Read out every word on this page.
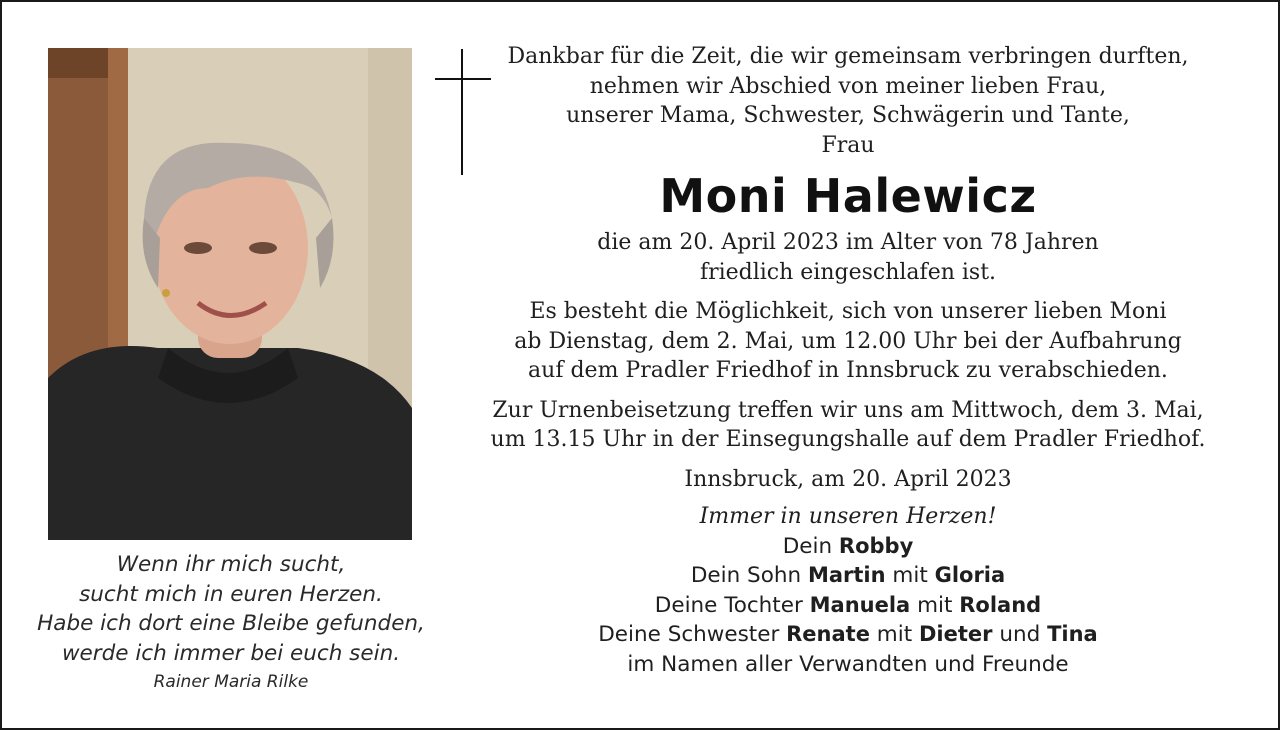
Wenn ihr mich sucht,
sucht mich in euren Herzen.
Habe ich dort eine Bleibe gefunden,
werde ich immer bei euch sein.
Rainer Maria Rilke

Dankbar für die Zeit, die wir gemeinsam verbringen durften,

nehmen wir Abschied von meiner lieben Frau,

unserer Mama, Schwester, Schwägerin und Tante,

Frau

Moni Halewicz

die am 20. April 2023 im Alter von 78 Jahren

friedlich eingeschlafen ist.

Es besteht die Möglichkeit, sich von unserer lieben Moni

ab Dienstag, dem 2. Mai, um 12.00 Uhr bei der Aufbahrung

auf dem Pradler Friedhof in Innsbruck zu verabschieden.

Zur Urnenbeisetzung treffen wir uns am Mittwoch, dem 3. Mai,

um 13.15 Uhr in der Einsegungshalle auf dem Pradler Friedhof.

Innsbruck, am 20. April 2023

Immer in unseren Herzen!

Dein Robby

Dein Sohn Martin mit Gloria

Deine Tochter Manuela mit Roland

Deine Schwester Renate mit Dieter und Tina

im Namen aller Verwandten und Freunde
